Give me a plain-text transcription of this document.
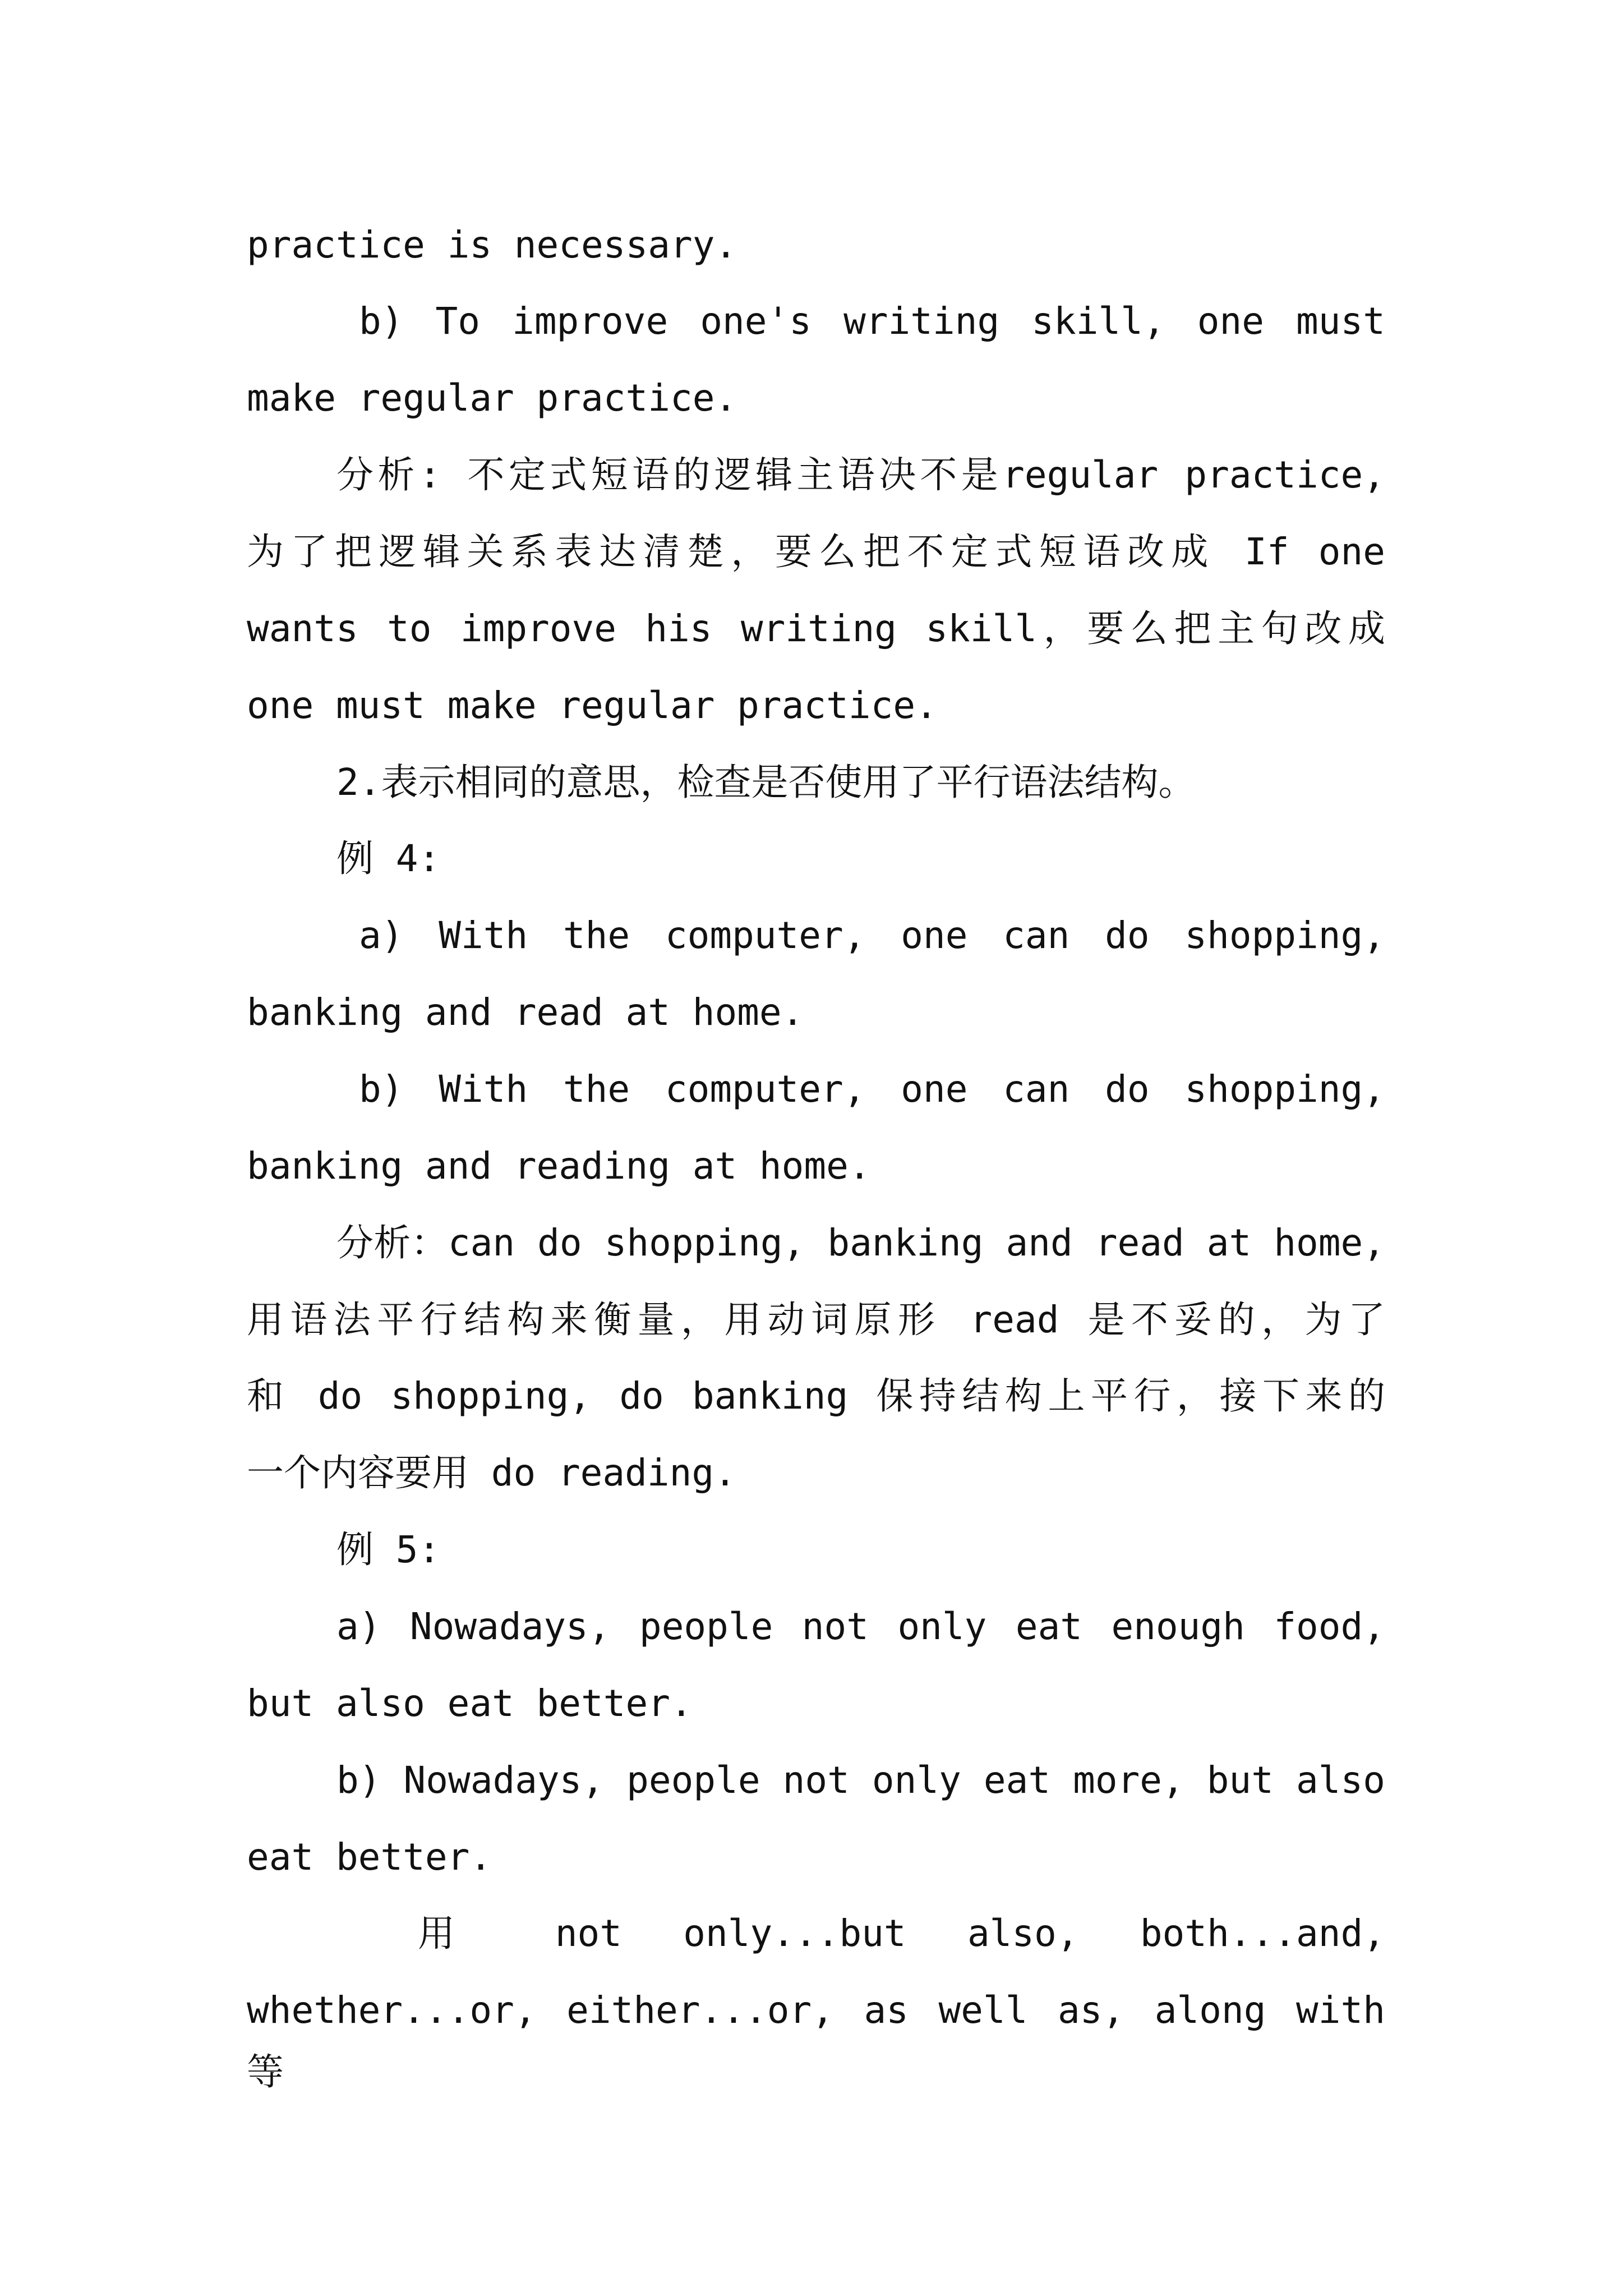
practice is necessary.
b) To improve one's writing skill, one must
make regular practice.
分析: 不定式短语的逻辑主语决不是regular practice,
为了把逻辑关系表达清楚，要么把不定式短语改成 If one
wants to improve his writing skill，要么把主句改成
one must make regular practice.
2.表示相同的意思，检查是否使用了平行语法结构。
例 4:
a) With the computer, one can do shopping,
banking and read at home.
b) With the computer, one can do shopping,
banking and reading at home.
分析：can do shopping, banking and read at home,
用语法平行结构来衡量，用动词原形 read 是不妥的，为了
和 do shopping, do banking 保持结构上平行，接下来的
一个内容要用 do reading.
例 5:
a) Nowadays, people not only eat enough food,
but also eat better.
b) Nowadays, people not only eat more, but also
eat better.
用 not only...but also, both...and,
whether...or, either...or, as well as, along with 等
